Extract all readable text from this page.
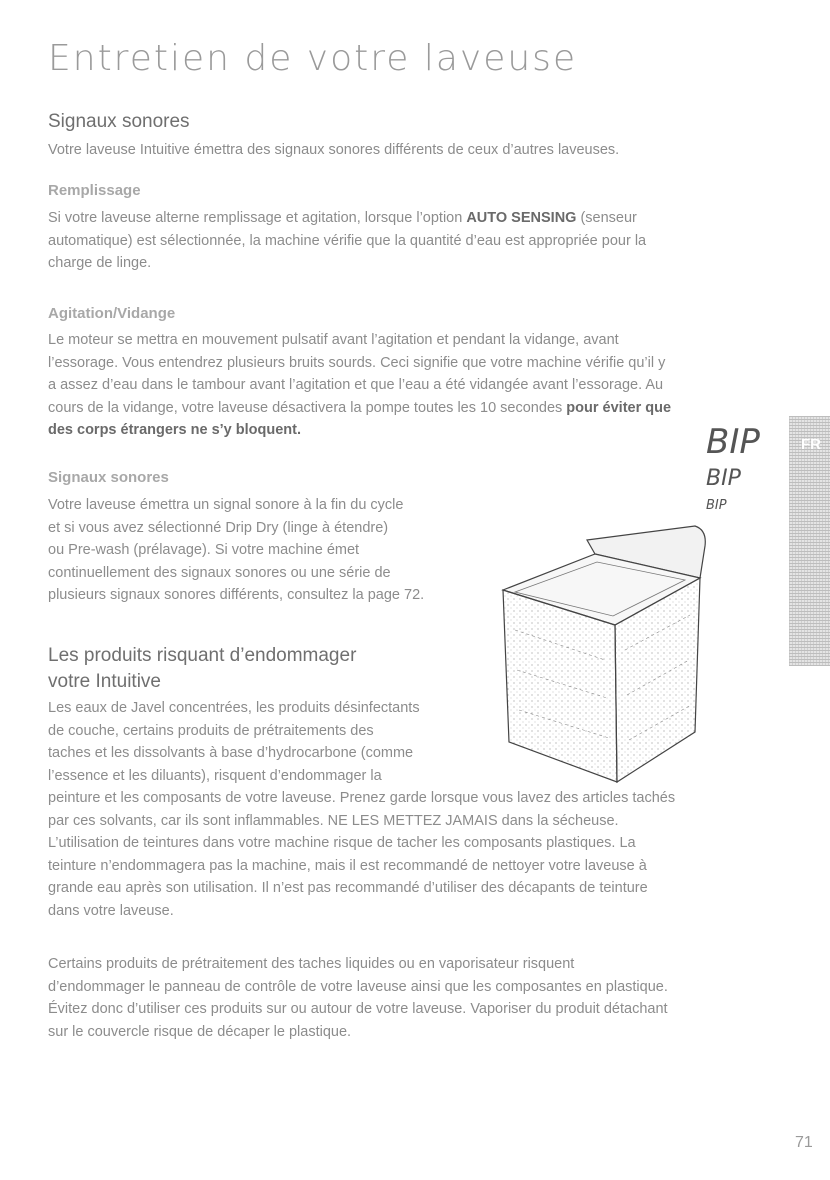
Entretien de votre laveuse
Signaux sonores
Votre laveuse Intuitive émettra des signaux sonores différents de ceux d’autres laveuses.
Remplissage
Si votre laveuse alterne remplissage et agitation, lorsque l’option AUTO SENSING (senseur
automatique) est sélectionnée, la machine vérifie que la quantité d’eau est appropriée pour la
charge de linge.
Agitation/Vidange
Le moteur se mettra en mouvement pulsatif avant l’agitation et pendant la vidange, avant
l’essorage. Vous entendrez plusieurs bruits sourds. Ceci signifie que votre machine vérifie qu’il y
a assez d’eau dans le tambour avant l’agitation et que l’eau a été vidangée avant l’essorage. Au
cours de la vidange, votre laveuse désactivera la pompe toutes les 10 secondes pour éviter que
des corps étrangers ne s’y bloquent.
Signaux sonores
Votre laveuse émettra un signal sonore à la fin du cycle
et si vous avez sélectionné Drip Dry (linge à étendre)
ou Pre-wash (prélavage). Si votre machine émet
continuellement des signaux sonores ou une série de
plusieurs signaux sonores différents, consultez la page 72.
Les produits risquant d’endommager
votre Intuitive
Les eaux de Javel concentrées, les produits désinfectants
de couche, certains produits de prétraitements des
taches et les dissolvants à base d’hydrocarbone (comme
l’essence et les diluants), risquent d’endommager la
peinture et les composants de votre laveuse. Prenez garde lorsque vous lavez des articles tachés
par ces solvants, car ils sont inflammables. NE LES METTEZ JAMAIS dans la sécheuse.
L’utilisation de teintures dans votre machine risque de tacher les composants plastiques. La
teinture n’endommagera pas la machine, mais il est recommandé de nettoyer votre laveuse à
grande eau après son utilisation. Il n’est pas recommandé d’utiliser des décapants de teinture
dans votre laveuse.
Certains produits de prétraitement des taches liquides ou en vaporisateur risquent
d’endommager le panneau de contrôle de votre laveuse ainsi que les composantes en plastique.
Évitez donc d’utiliser ces produits sur ou autour de votre laveuse. Vaporiser du produit détachant
sur le couvercle risque de décaper le plastique.
BIP
BIP
BIP
FR
71
